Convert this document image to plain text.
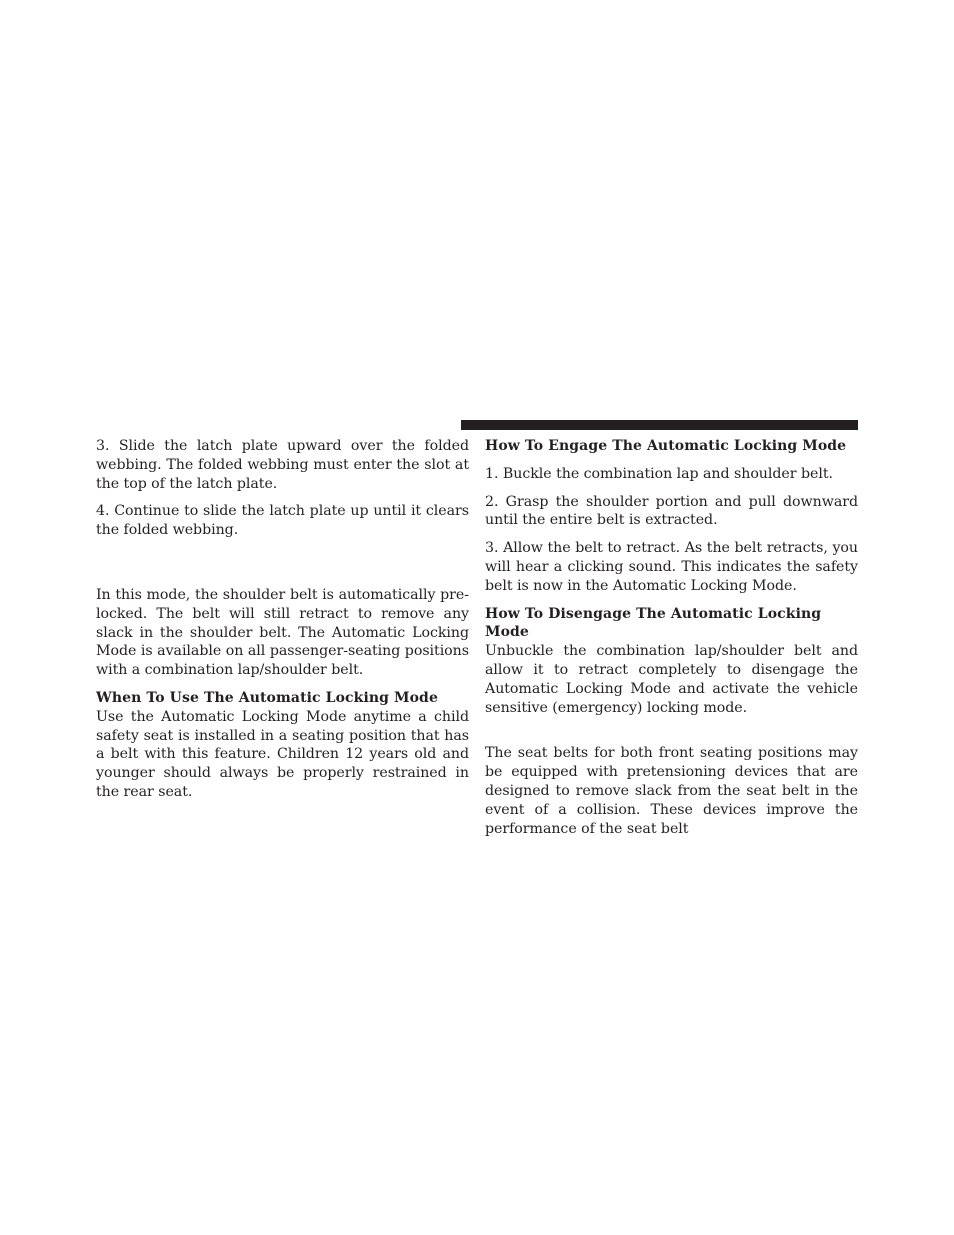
3. Slide the latch plate upward over the folded webbing. The folded webbing must enter the slot at the top of the latch plate.

4. Continue to slide the latch plate up until it clears the folded webbing.

In this mode, the shoulder belt is automatically pre-locked. The belt will still retract to remove any slack in the shoulder belt. The Automatic Locking Mode is available on all passenger-seating positions with a combination lap/shoulder belt.

When To Use The Automatic Locking Mode

Use the Automatic Locking Mode anytime a child safety seat is installed in a seating position that has a belt with this feature. Children 12 years old and younger should always be properly restrained in the rear seat.

How To Engage The Automatic Locking Mode

1. Buckle the combination lap and shoulder belt.

2. Grasp the shoulder portion and pull downward until the entire belt is extracted.

3. Allow the belt to retract. As the belt retracts, you will hear a clicking sound. This indicates the safety belt is now in the Automatic Locking Mode.

How To Disengage The Automatic Locking Mode

Unbuckle the combination lap/shoulder belt and allow it to retract completely to disengage the Automatic Locking Mode and activate the vehicle sensitive (emergency) locking mode.

The seat belts for both front seating positions may be equipped with pretensioning devices that are designed to remove slack from the seat belt in the event of a collision. These devices improve the performance of the seat belt
